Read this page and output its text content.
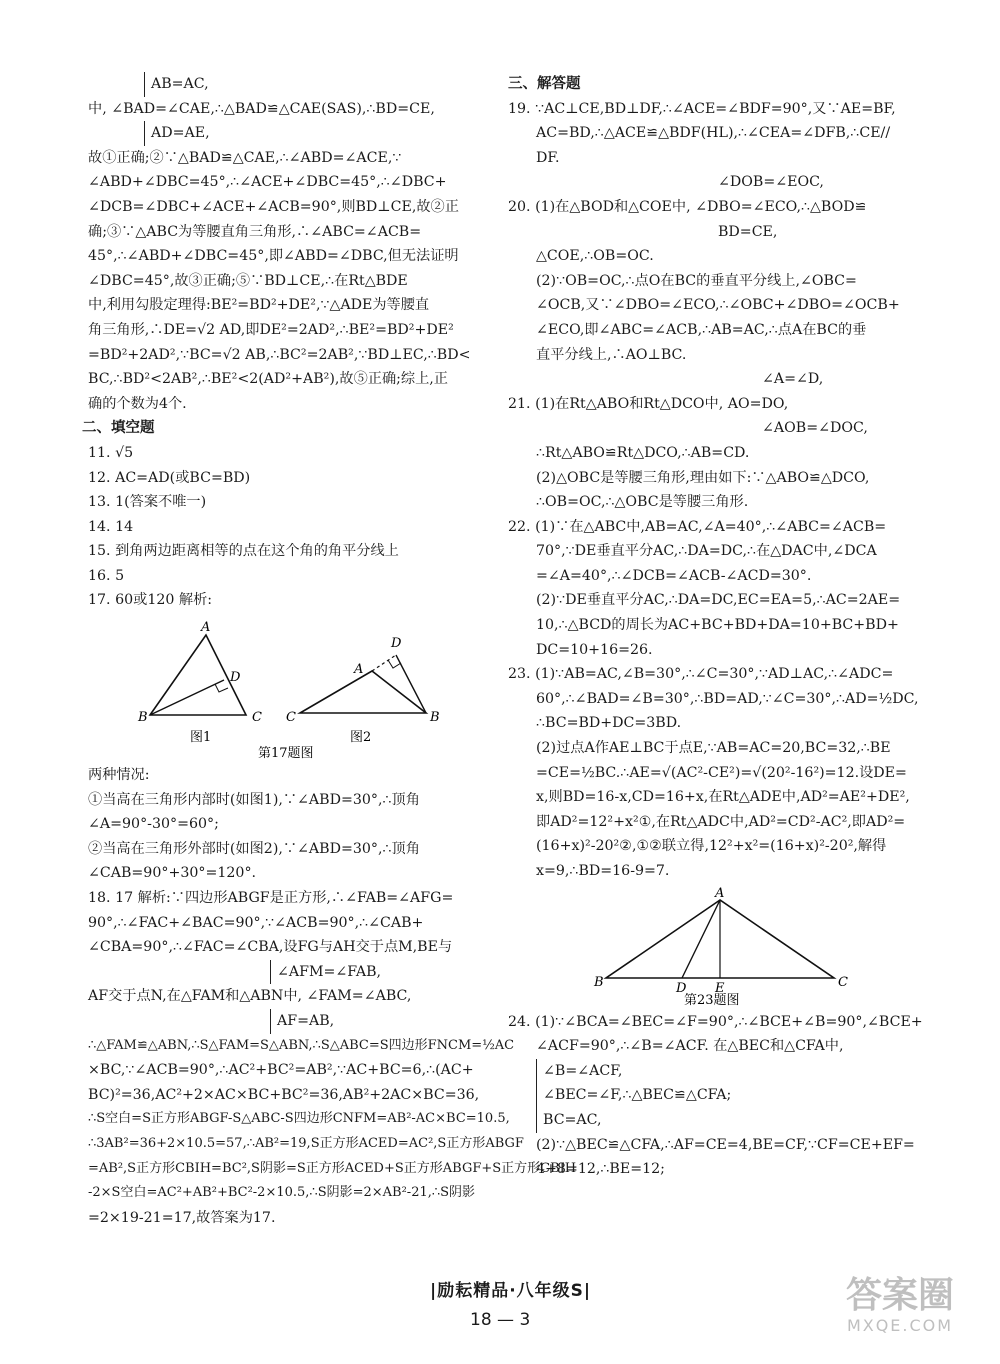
AB=AC,
中, ∠BAD=∠CAE,∴△BAD≌△CAE(SAS),∴BD=CE,
AD=AE,
故①正确;②∵△BAD≌△CAE,∴∠ABD=∠ACE,∵
∠ABD+∠DBC=45°,∴∠ACE+∠DBC=45°,∴∠DBC+
∠DCB=∠DBC+∠ACE+∠ACB=90°,则BD⊥CE,故②正
确;③∵△ABC为等腰直角三角形,∴∠ABC=∠ACB=
45°,∴∠ABD+∠DBC=45°,即∠ABD=∠DBC,但无法证明
∠DBC=45°,故③正确;⑤∵BD⊥CE,∴在Rt△BDE
中,利用勾股定理得:BE²=BD²+DE²,∵△ADE为等腰直
角三角形,∴DE=√2 AD,即DE²=2AD²,∴BE²=BD²+DE²
=BD²+2AD²,∵BC=√2 AB,∴BC²=2AB²,∵BD⊥EC,∴BD<
BC,∴BD²<2AB²,∴BE²<2(AD²+AB²),故⑤正确;综上,正
确的个数为4个.
二、填空题
11. √5
12. AC=AD(或BC=BD)
13. 1(答案不唯一)
14. 14
15. 到角两边距离相等的点在这个角的角平分线上
16. 5
17. 60或120 解析:
A
D
B	C
图1
D
A
C	B
图2
第17题图
两种情况:
①当高在三角形内部时(如图1),∵∠ABD=30°,∴顶角
∠A=90°-30°=60°;
②当高在三角形外部时(如图2),∵∠ABD=30°,∴顶角
∠CAB=90°+30°=120°.
18. 17 解析:∵四边形ABGF是正方形,∴∠FAB=∠AFG=
90°,∴∠FAC+∠BAC=90°,∵∠ACB=90°,∴∠CAB+
∠CBA=90°,∴∠FAC=∠CBA,设FG与AH交于点M,BE与
∠AFM=∠FAB,
AF交于点N,在△FAM和△ABN中, ∠FAM=∠ABC,
AF=AB,
∴△FAM≌△ABN,∴S△FAM=S△ABN,∴S△ABC=S四边形FNCM=½AC
×BC,∵∠ACB=90°,∴AC²+BC²=AB²,∵AC+BC=6,∴(AC+
BC)²=36,AC²+2×AC×BC+BC²=36,AB²+2AC×BC=36,
∴S空白=S正方形ABGF-S△ABC-S四边形CNFM=AB²-AC×BC=10.5,
∴3AB²=36+2×10.5=57,∴AB²=19,S正方形ACED=AC²,S正方形ABGF
=AB²,S正方形CBIH=BC²,S阴影=S正方形ACED+S正方形ABGF+S正方形CBIH
-2×S空白=AC²+AB²+BC²-2×10.5,∴S阴影=2×AB²-21,∴S阴影
=2×19-21=17,故答案为17.
三、解答题
19. ∵AC⊥CE,BD⊥DF,∴∠ACE=∠BDF=90°,又∵AE=BF,
AC=BD,∴△ACE≌△BDF(HL),∴∠CEA=∠DFB,∴CE//
DF.
∠DOB=∠EOC,
20. (1)在△BOD和△COE中, ∠DBO=∠ECO,∴△BOD≌
BD=CE,
△COE,∴OB=OC.
(2)∵OB=OC,∴点O在BC的垂直平分线上,∠OBC=
∠OCB,又∵∠DBO=∠ECO,∴∠OBC+∠DBO=∠OCB+
∠ECO,即∠ABC=∠ACB,∴AB=AC,∴点A在BC的垂
直平分线上,∴AO⊥BC.
∠A=∠D,
21. (1)在Rt△ABO和Rt△DCO中, AO=DO,
∠AOB=∠DOC,
∴Rt△ABO≌Rt△DCO,∴AB=CD.
(2)△OBC是等腰三角形,理由如下:∵△ABO≌△DCO,
∴OB=OC,∴△OBC是等腰三角形.
22. (1)∵在△ABC中,AB=AC,∠A=40°,∴∠ABC=∠ACB=
70°,∵DE垂直平分AC,∴DA=DC,∴在△DAC中,∠DCA
=∠A=40°,∴∠DCB=∠ACB-∠ACD=30°.
(2)∵DE垂直平分AC,∴DA=DC,EC=EA=5,∴AC=2AE=
10,∴△BCD的周长为AC+BC+BD+DA=10+BC+BD+
DC=10+16=26.
23. (1)∵AB=AC,∠B=30°,∴∠C=30°,∵AD⊥AC,∴∠ADC=
60°,∴∠BAD=∠B=30°,∴BD=AD,∵∠C=30°,∴AD=½DC,
∴BC=BD+DC=3BD.
(2)过点A作AE⊥BC于点E,∵AB=AC=20,BC=32,∴BE
=CE=½BC.∴AE=√(AC²-CE²)=√(20²-16²)=12.设DE=
x,则BD=16-x,CD=16+x,在Rt△ADE中,AD²=AE²+DE²,
即AD²=12²+x²①,在Rt△ADC中,AD²=CD²-AC²,即AD²=
(16+x)²-20²②,①②联立得,12²+x²=(16+x)²-20²,解得
x=9,∴BD=16-9=7.
A
B	C
D E
第23题图
24. (1)∵∠BCA=∠BEC=∠F=90°,∴∠BCE+∠B=90°,∠BCE+
∠ACF=90°,∴∠B=∠ACF. 在△BEC和△CFA中,
∠B=∠ACF,
∠BEC=∠F,∴△BEC≌△CFA;
BC=AC,
(2)∵△BEC≌△CFA,∴AF=CE=4,BE=CF,∵CF=CE+EF=
4+8=12,∴BE=12;
|励耘精品·八年级S|
18 — 3
答案圈
MXQE.COM
